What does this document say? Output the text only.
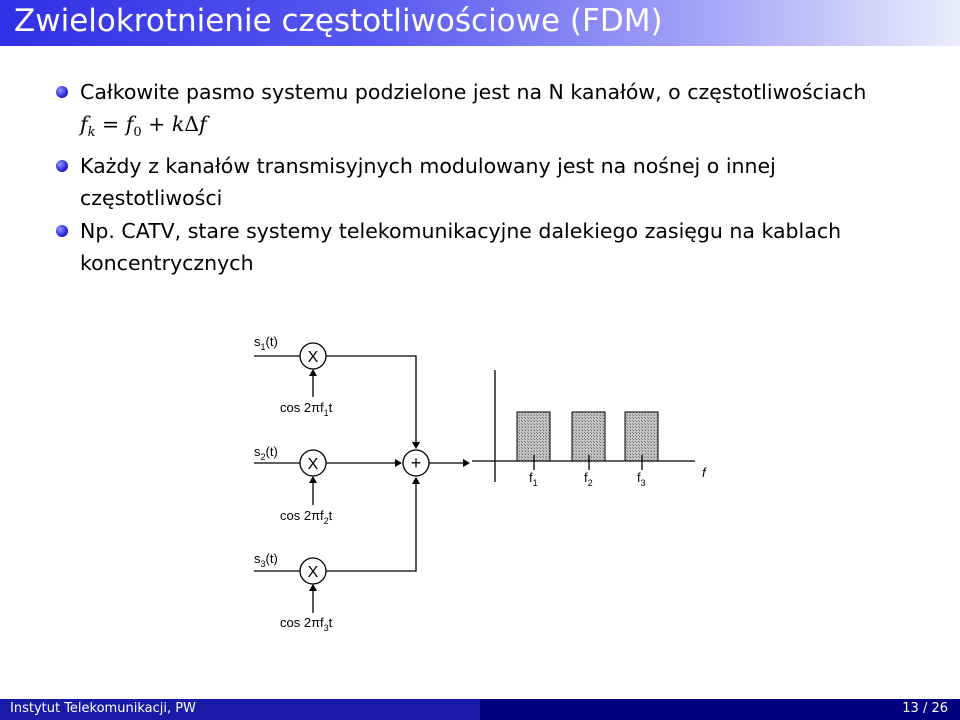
Zwielokrotnienie częstotliwościowe (FDM)
Całkowite pasmo systemu podzielone jest na N kanałów, o częstotliwościach
$f_k = f_0 + k\Delta f$
Każdy z kanałów transmisyjnych modulowany jest na nośnej o innej
częstotliwości
Np. CATV, stare systemy telekomunikacyjne dalekiego zasięgu na kablach
koncentrycznych
$s_1(t)$
$s_2(t)$
$s_3(t)$
X
X
X
$\cos 2\pi f_1t$
$\cos 2\pi f_2t$
$\cos 2\pi f_3t$
+
$f_1$	$f_2$	$f_3$
f
Instytut Telekomunikacji, PW	13 / 26
